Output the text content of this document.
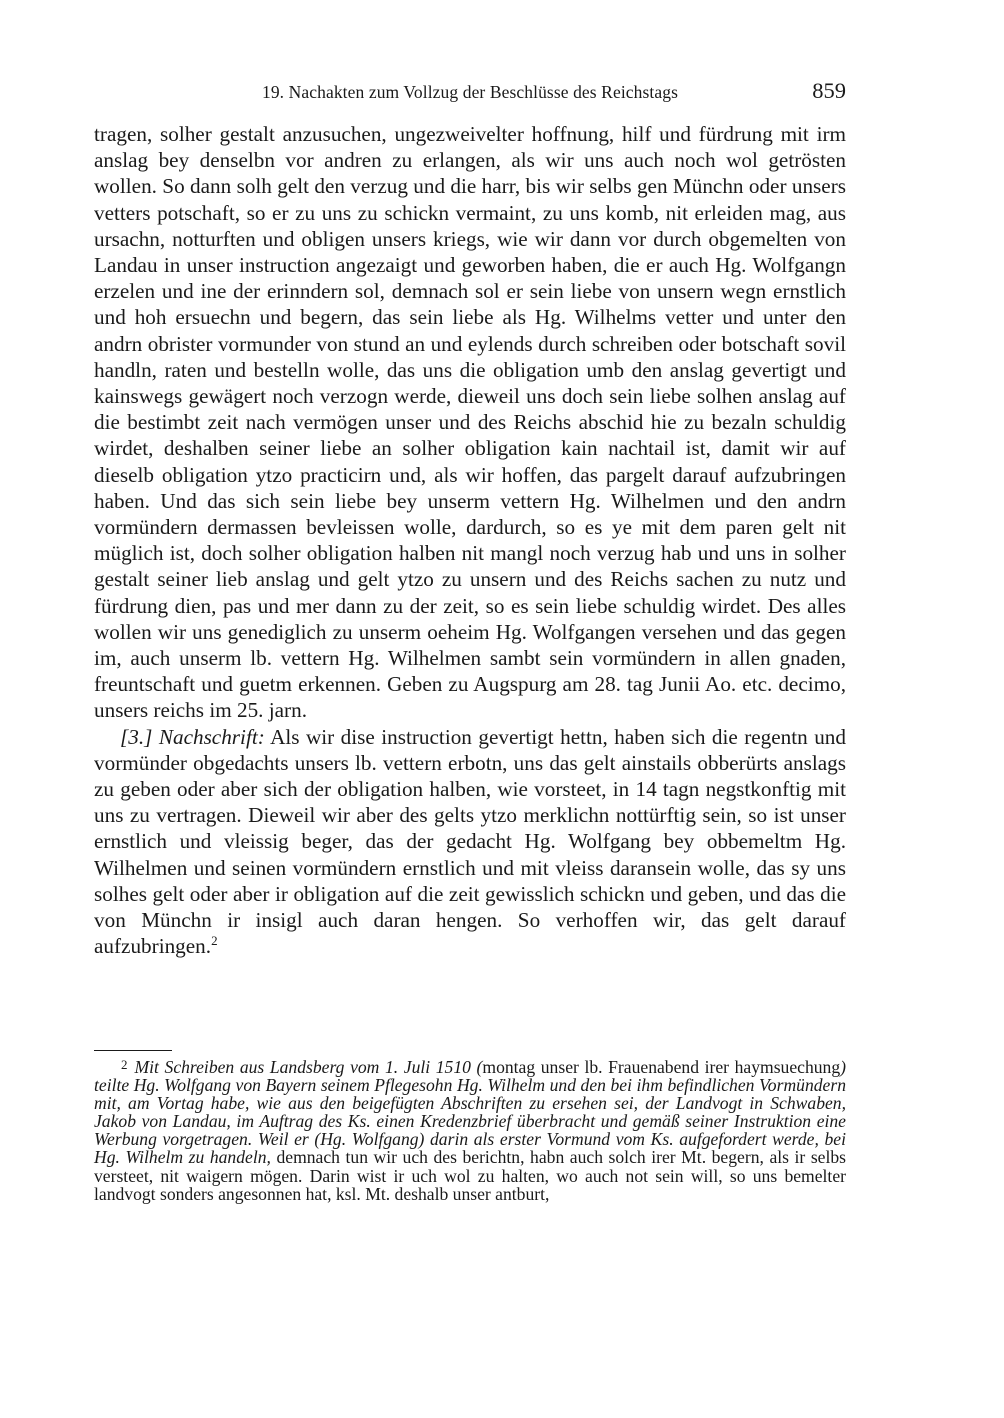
19. Nachakten zum Vollzug der Beschlüsse des Reichstags	859

tragen, solher gestalt anzusuchen, ungezweivelter hoffnung, hilf und fürdrung mit irm anslag bey denselbn vor andren zu erlangen, als wir uns auch noch wol getrösten wollen. So dann solh gelt den verzug und die harr, bis wir selbs gen Münchn oder unsers vetters potschaft, so er zu uns zu schickn vermaint, zu uns komb, nit erleiden mag, aus ursachn, notturften und obligen unsers kriegs, wie wir dann vor durch obgemelten von Landau in unser instruction angezaigt und geworben haben, die er auch Hg. Wolfgangn erzelen und ine der erinndern sol, demnach sol er sein liebe von unsern wegn ernstlich und hoh ersuechn und begern, das sein liebe als Hg. Wilhelms vetter und unter den andrn obrister vormunder von stund an und eylends durch schreiben oder botschaft sovil handln, raten und bestelln wolle, das uns die obligation umb den anslag gevertigt und kainswegs gewägert noch verzogn werde, dieweil uns doch sein liebe solhen anslag auf die bestimbt zeit nach vermögen unser und des Reichs abschid hie zu bezaln schuldig wirdet, deshalben seiner liebe an solher obligation kain nachtail ist, damit wir auf dieselb obligation ytzo practicirn und, als wir hoffen, das pargelt darauf aufzubringen haben. Und das sich sein liebe bey unserm vettern Hg. Wilhelmen und den andrn vormündern dermassen bevleissen wolle, dardurch, so es ye mit dem paren gelt nit müglich ist, doch solher obligation halben nit mangl noch verzug hab und uns in solher gestalt seiner lieb anslag und gelt ytzo zu unsern und des Reichs sachen zu nutz und fürdrung dien, pas und mer dann zu der zeit, so es sein liebe schuldig wirdet. Des alles wollen wir uns genediglich zu unserm oeheim Hg. Wolfgangen versehen und das gegen im, auch unserm lb. vettern Hg. Wilhelmen sambt sein vormündern in allen gnaden, freuntschaft und guetm erkennen. Geben zu Augspurg am 28. tag Junii Ao. etc. decimo, unsers reichs im 25. jarn.

[3.] Nachschrift: Als wir dise instruction gevertigt hettn, haben sich die regentn und vormünder obgedachts unsers lb. vettern erbotn, uns das gelt ainstails obberürts anslags zu geben oder aber sich der obligation halben, wie vorsteet, in 14 tagn negstkonftig mit uns zu vertragen. Dieweil wir aber des gelts ytzo merklichn nottürftig sein, so ist unser ernstlich und vleissig beger, das der gedacht Hg. Wolfgang bey obbemeltm Hg. Wilhelmen und seinen vormündern ernstlich und mit vleiss daransein wolle, das sy uns solhes gelt oder aber ir obligation auf die zeit gewisslich schickn und geben, und das die von Münchn ir insigl auch daran hengen. So verhoffen wir, das gelt darauf aufzubringen.$^2$

$^2$ Mit Schreiben aus Landsberg vom 1. Juli 1510 (montag unser lb. Frauenabend irer haymsuechung) teilte Hg. Wolfgang von Bayern seinem Pflegesohn Hg. Wilhelm und den bei ihm befindlichen Vormündern mit, am Vortag habe, wie aus den beigefügten Abschriften zu ersehen sei, der Landvogt in Schwaben, Jakob von Landau, im Auftrag des Ks. einen Kredenzbrief überbracht und gemäß seiner Instruktion eine Werbung vorgetragen. Weil er (Hg. Wolfgang) darin als erster Vormund vom Ks. aufgefordert werde, bei Hg. Wilhelm zu handeln, demnach tun wir uch des berichtn, habn auch solch irer Mt. begern, als ir selbs versteet, nit waigern mögen. Darin wist ir uch wol zu halten, wo auch not sein will, so uns bemelter landvogt sonders angesonnen hat, ksl. Mt. deshalb unser antburt,
